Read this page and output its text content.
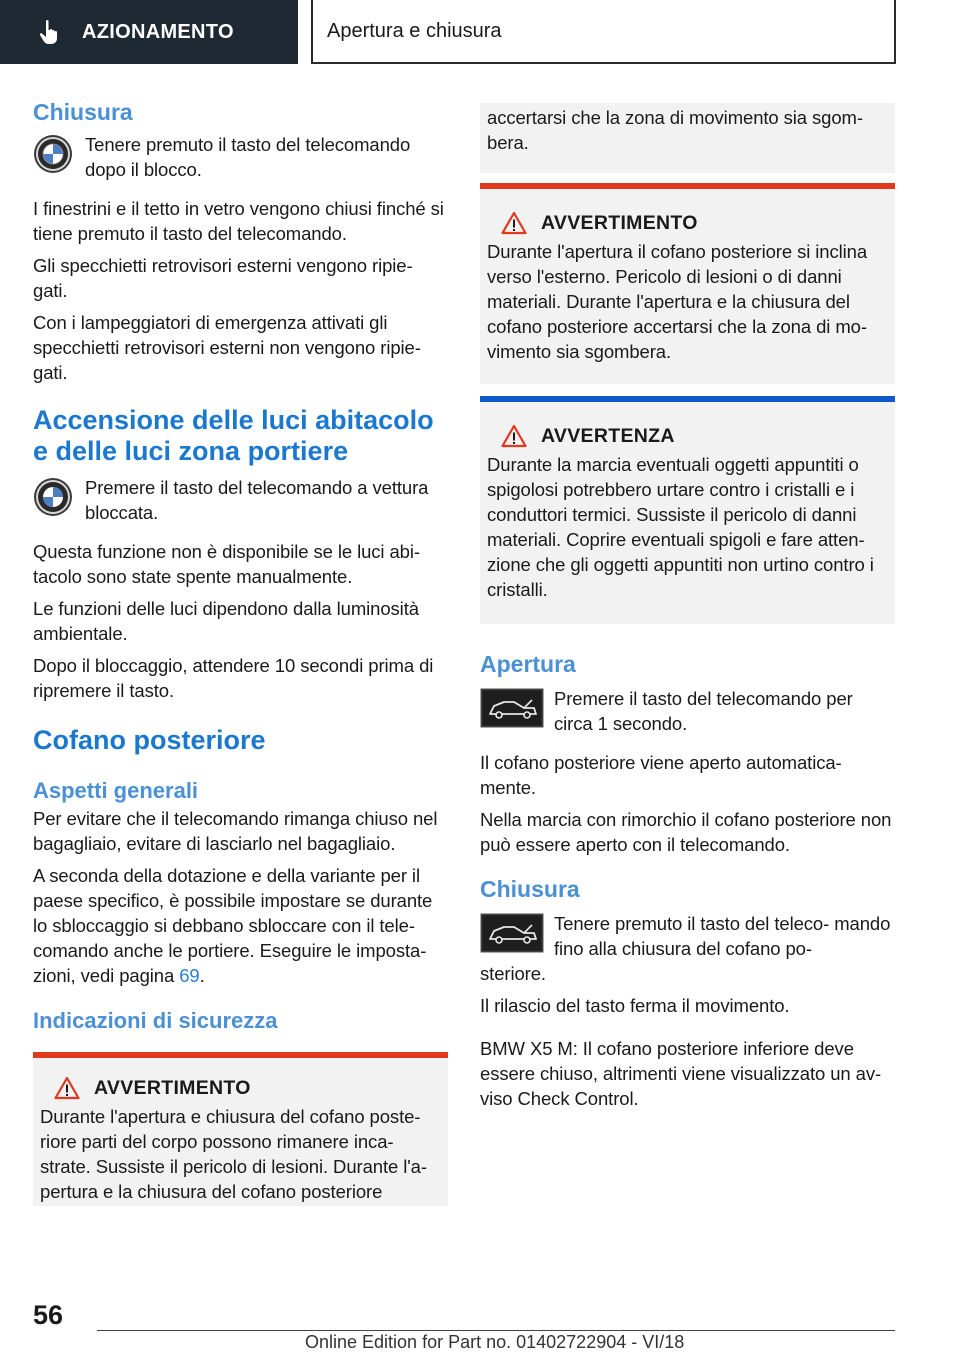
AZIONAMENTO	Apertura e chiusura
Chiusura
Tenere premuto il tasto del telecomando dopo il blocco.

I finestrini e il tetto in vetro vengono chiusi finché si tiene premuto il tasto del telecomando.

Gli specchietti retrovisori esterni vengono ripie- gati.

Con i lampeggiatori di emergenza attivati gli specchietti retrovisori esterni non vengono ripie- gati.

Accensione delle luci abitacolo e delle luci zona portiere
Premere il tasto del telecomando a vettura bloccata.

Questa funzione non è disponibile se le luci abi- tacolo sono state spente manualmente.

Le funzioni delle luci dipendono dalla luminosità ambientale.

Dopo il bloccaggio, attendere 10 secondi prima di ripremere il tasto.

Cofano posteriore
Aspetti generali

Per evitare che il telecomando rimanga chiuso nel bagagliaio, evitare di lasciarlo nel bagagliaio.

A seconda della dotazione e della variante per il paese specifico, è possibile impostare se durante lo sbloccaggio si debbano sbloccare con il tele- comando anche le portiere. Eseguire le imposta- zioni, vedi pagina 69.

Indicazioni di sicurezza
AVVERTIMENTO
Durante l'apertura e chiusura del cofano poste- riore parti del corpo possono rimanere inca- strate. Sussiste il pericolo di lesioni. Durante l'a- pertura e la chiusura del cofano posteriore
accertarsi che la zona di movimento sia sgom- bera.
AVVERTIMENTO
Durante l'apertura il cofano posteriore si inclina verso l'esterno. Pericolo di lesioni o di danni materiali. Durante l'apertura e la chiusura del cofano posteriore accertarsi che la zona di mo- vimento sia sgombera.
AVVERTENZA
Durante la marcia eventuali oggetti appuntiti o spigolosi potrebbero urtare contro i cristalli e i conduttori termici. Sussiste il pericolo di danni materiali. Coprire eventuali spigoli e fare atten- zione che gli oggetti appuntiti non urtino contro i cristalli.
Apertura
Premere il tasto del telecomando per circa 1 secondo.

Il cofano posteriore viene aperto automatica- mente.

Nella marcia con rimorchio il cofano posteriore non può essere aperto con il telecomando.

Chiusura
Tenere premuto il tasto del teleco- mando fino alla chiusura del cofano po-

steriore.

Il rilascio del tasto ferma il movimento.

BMW X5 M: Il cofano posteriore inferiore deve essere chiuso, altrimenti viene visualizzato un av- viso Check Control.

56
Online Edition for Part no. 01402722904 - VI/18
